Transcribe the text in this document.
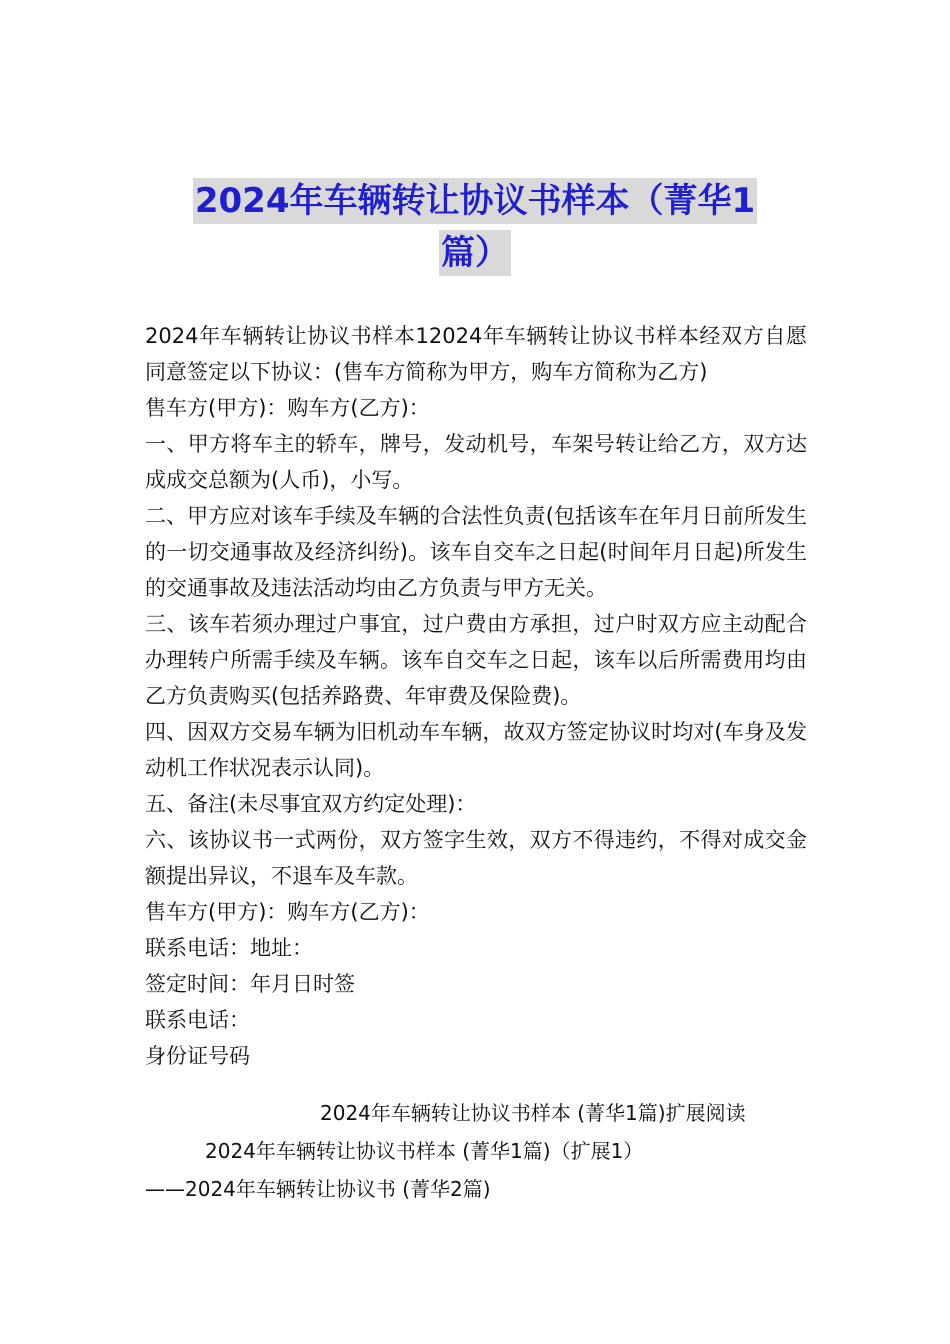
2024年车辆转让协议书样本（菁华1
篇）

2024年车辆转让协议书样本12024年车辆转让协议书样本经双方自愿同意签定以下协议：(售车方简称为甲方，购车方简称为乙方)

售车方(甲方)：购车方(乙方)：

一、甲方将车主的轿车，牌号，发动机号，车架号转让给乙方，双方达成成交总额为(人币)，小写。

二、甲方应对该车手续及车辆的合法性负责(包括该车在年月日前所发生的一切交通事故及经济纠纷)。该车自交车之日起(时间年月日起)所发生的交通事故及违法活动均由乙方负责与甲方无关。

三、该车若须办理过户事宜，过户费由方承担，过户时双方应主动配合办理转户所需手续及车辆。该车自交车之日起，该车以后所需费用均由乙方负责购买(包括养路费、年审费及保险费)。

四、因双方交易车辆为旧机动车车辆，故双方签定协议时均对(车身及发动机工作状况表示认同)。

五、备注(未尽事宜双方约定处理)：

六、该协议书一式两份，双方签字生效，双方不得违约，不得对成交金额提出异议，不退车及车款。

售车方(甲方)：购车方(乙方)：

联系电话：地址：

签定时间：年月日时签

联系电话：

身份证号码

2024年车辆转让协议书样本 (菁华1篇)扩展阅读
2024年车辆转让协议书样本 (菁华1篇)（扩展1）
——2024年车辆转让协议书 (菁华2篇)
